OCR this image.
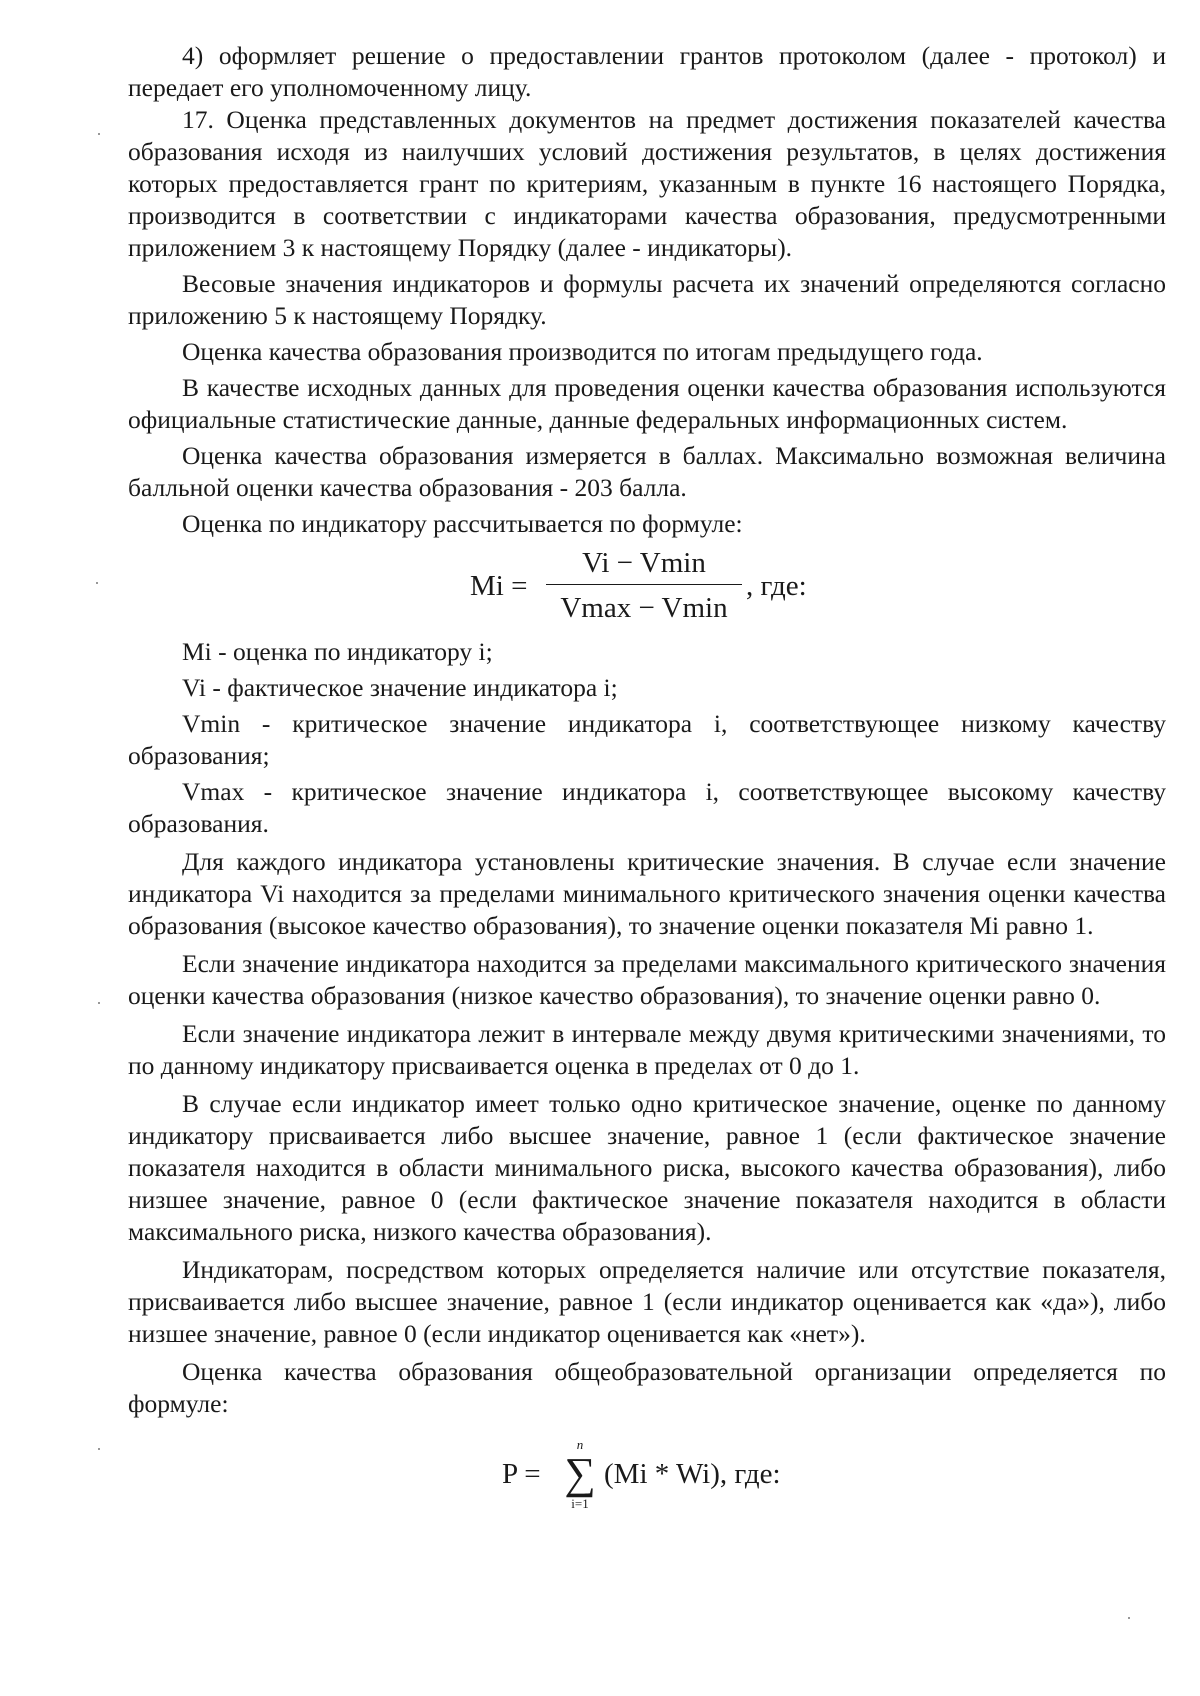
4) оформляет решение о предоставлении грантов протоколом (далее - протокол) и передает его уполномоченному лицу.

17. Оценка представленных документов на предмет достижения показателей качества образования исходя из наилучших условий достижения результатов, в целях достижения которых предоставляется грант по критериям, указанным в пункте 16 настоящего Порядка, производится в соответствии с индикаторами качества образования, предусмотренными приложением 3 к настоящему Порядку (далее - индикаторы).

Весовые значения индикаторов и формулы расчета их значений определяются согласно приложению 5 к настоящему Порядку.

Оценка качества образования производится по итогам предыдущего года.

В качестве исходных данных для проведения оценки качества образования используются официальные статистические данные, данные федеральных информационных систем.

Оценка качества образования измеряется в баллах. Максимально возможная величина балльной оценки качества образования - 203 балла.

Оценка по индикатору рассчитывается по формуле:

Mi =
Vi − Vmin
Vmax − Vmin
, где:

Mi - оценка по индикатору i;

Vi - фактическое значение индикатора i;

Vmin - критическое значение индикатора i, соответствующее низкому качеству образования;

Vmax - критическое значение индикатора i, соответствующее высокому качеству образования.

Для каждого индикатора установлены критические значения. В случае если значение индикатора Vi находится за пределами минимального критического значения оценки качества образования (высокое качество образования), то значение оценки показателя Mi равно 1.

Если значение индикатора находится за пределами максимального критического значения оценки качества образования (низкое качество образования), то значение оценки равно 0.

Если значение индикатора лежит в интервале между двумя критическими значениями, то по данному индикатору присваивается оценка в пределах от 0 до 1.

В случае если индикатор имеет только одно критическое значение, оценке по данному индикатору присваивается либо высшее значение, равное 1 (если фактическое значение показателя находится в области минимального риска, высокого качества образования), либо низшее значение, равное 0 (если фактическое значение показателя находится в области максимального риска, низкого качества образования).

Индикаторам, посредством которых определяется наличие или отсутствие показателя, присваивается либо высшее значение, равное 1 (если индикатор оценивается как «да»), либо низшее значение, равное 0 (если индикатор оценивается как «нет»).

Оценка качества образования общеобразовательной организации определяется по формуле:

P =
n
∑
i=1
(Mi * Wi), где:
